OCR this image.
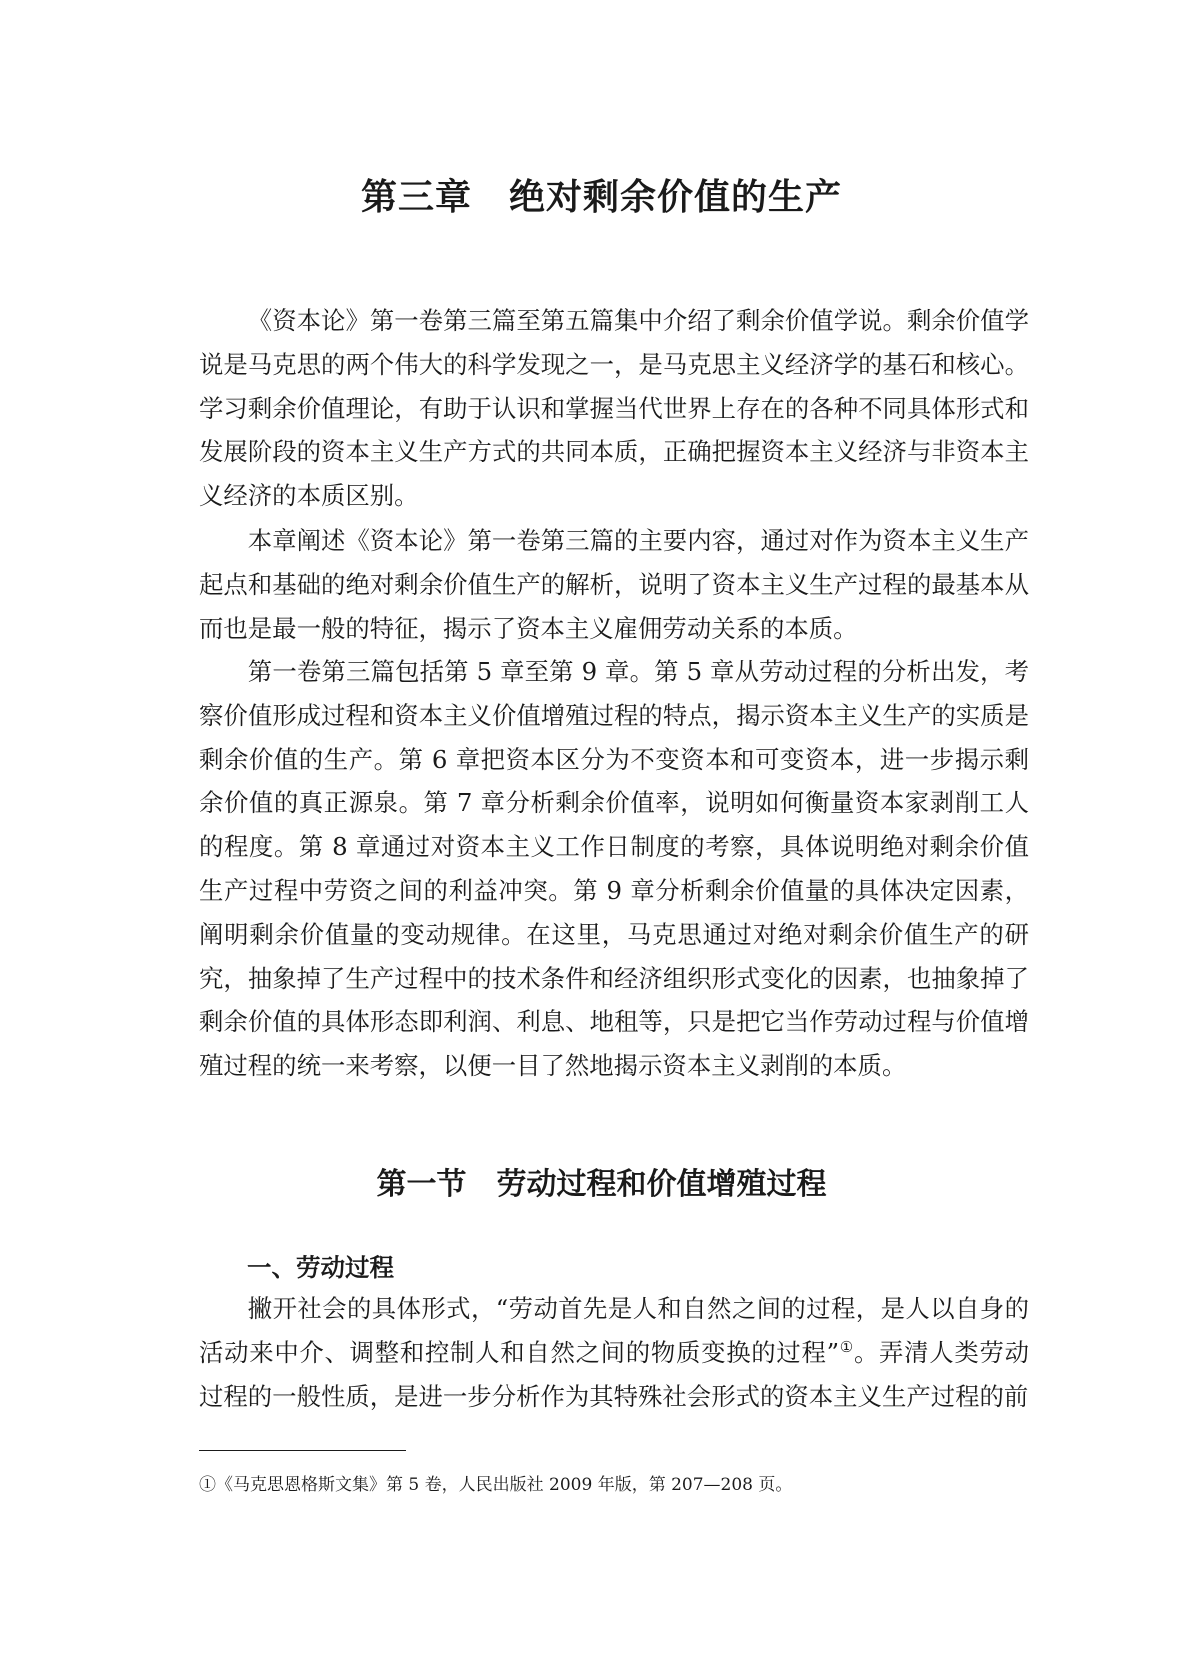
第三章　绝对剩余价值的生产

《资本论》第一卷第三篇至第五篇集中介绍了剩余价值学说。剩余价值学说是马克思的两个伟大的科学发现之一，是马克思主义经济学的基石和核心。学习剩余价值理论，有助于认识和掌握当代世界上存在的各种不同具体形式和发展阶段的资本主义生产方式的共同本质，正确把握资本主义经济与非资本主义经济的本质区别。

本章阐述《资本论》第一卷第三篇的主要内容，通过对作为资本主义生产起点和基础的绝对剩余价值生产的解析，说明了资本主义生产过程的最基本从而也是最一般的特征，揭示了资本主义雇佣劳动关系的本质。

第一卷第三篇包括第 5 章至第 9 章。第 5 章从劳动过程的分析出发，考察价值形成过程和资本主义价值增殖过程的特点，揭示资本主义生产的实质是剩余价值的生产。第 6 章把资本区分为不变资本和可变资本，进一步揭示剩余价值的真正源泉。第 7 章分析剩余价值率，说明如何衡量资本家剥削工人的程度。第 8 章通过对资本主义工作日制度的考察，具体说明绝对剩余价值生产过程中劳资之间的利益冲突。第 9 章分析剩余价值量的具体决定因素，阐明剩余价值量的变动规律。在这里，马克思通过对绝对剩余价值生产的研究，抽象掉了生产过程中的技术条件和经济组织形式变化的因素，也抽象掉了剩余价值的具体形态即利润、利息、地租等，只是把它当作劳动过程与价值增殖过程的统一来考察，以便一目了然地揭示资本主义剥削的本质。

第一节　劳动过程和价值增殖过程
一、劳动过程

撇开社会的具体形式，“劳动首先是人和自然之间的过程，是人以自身的活动来中介、调整和控制人和自然之间的物质变换的过程”①。弄清人类劳动过程的一般性质，是进一步分析作为其特殊社会形式的资本主义生产过程的前

①《马克思恩格斯文集》第 5 卷，人民出版社 2009 年版，第 207—208 页。
